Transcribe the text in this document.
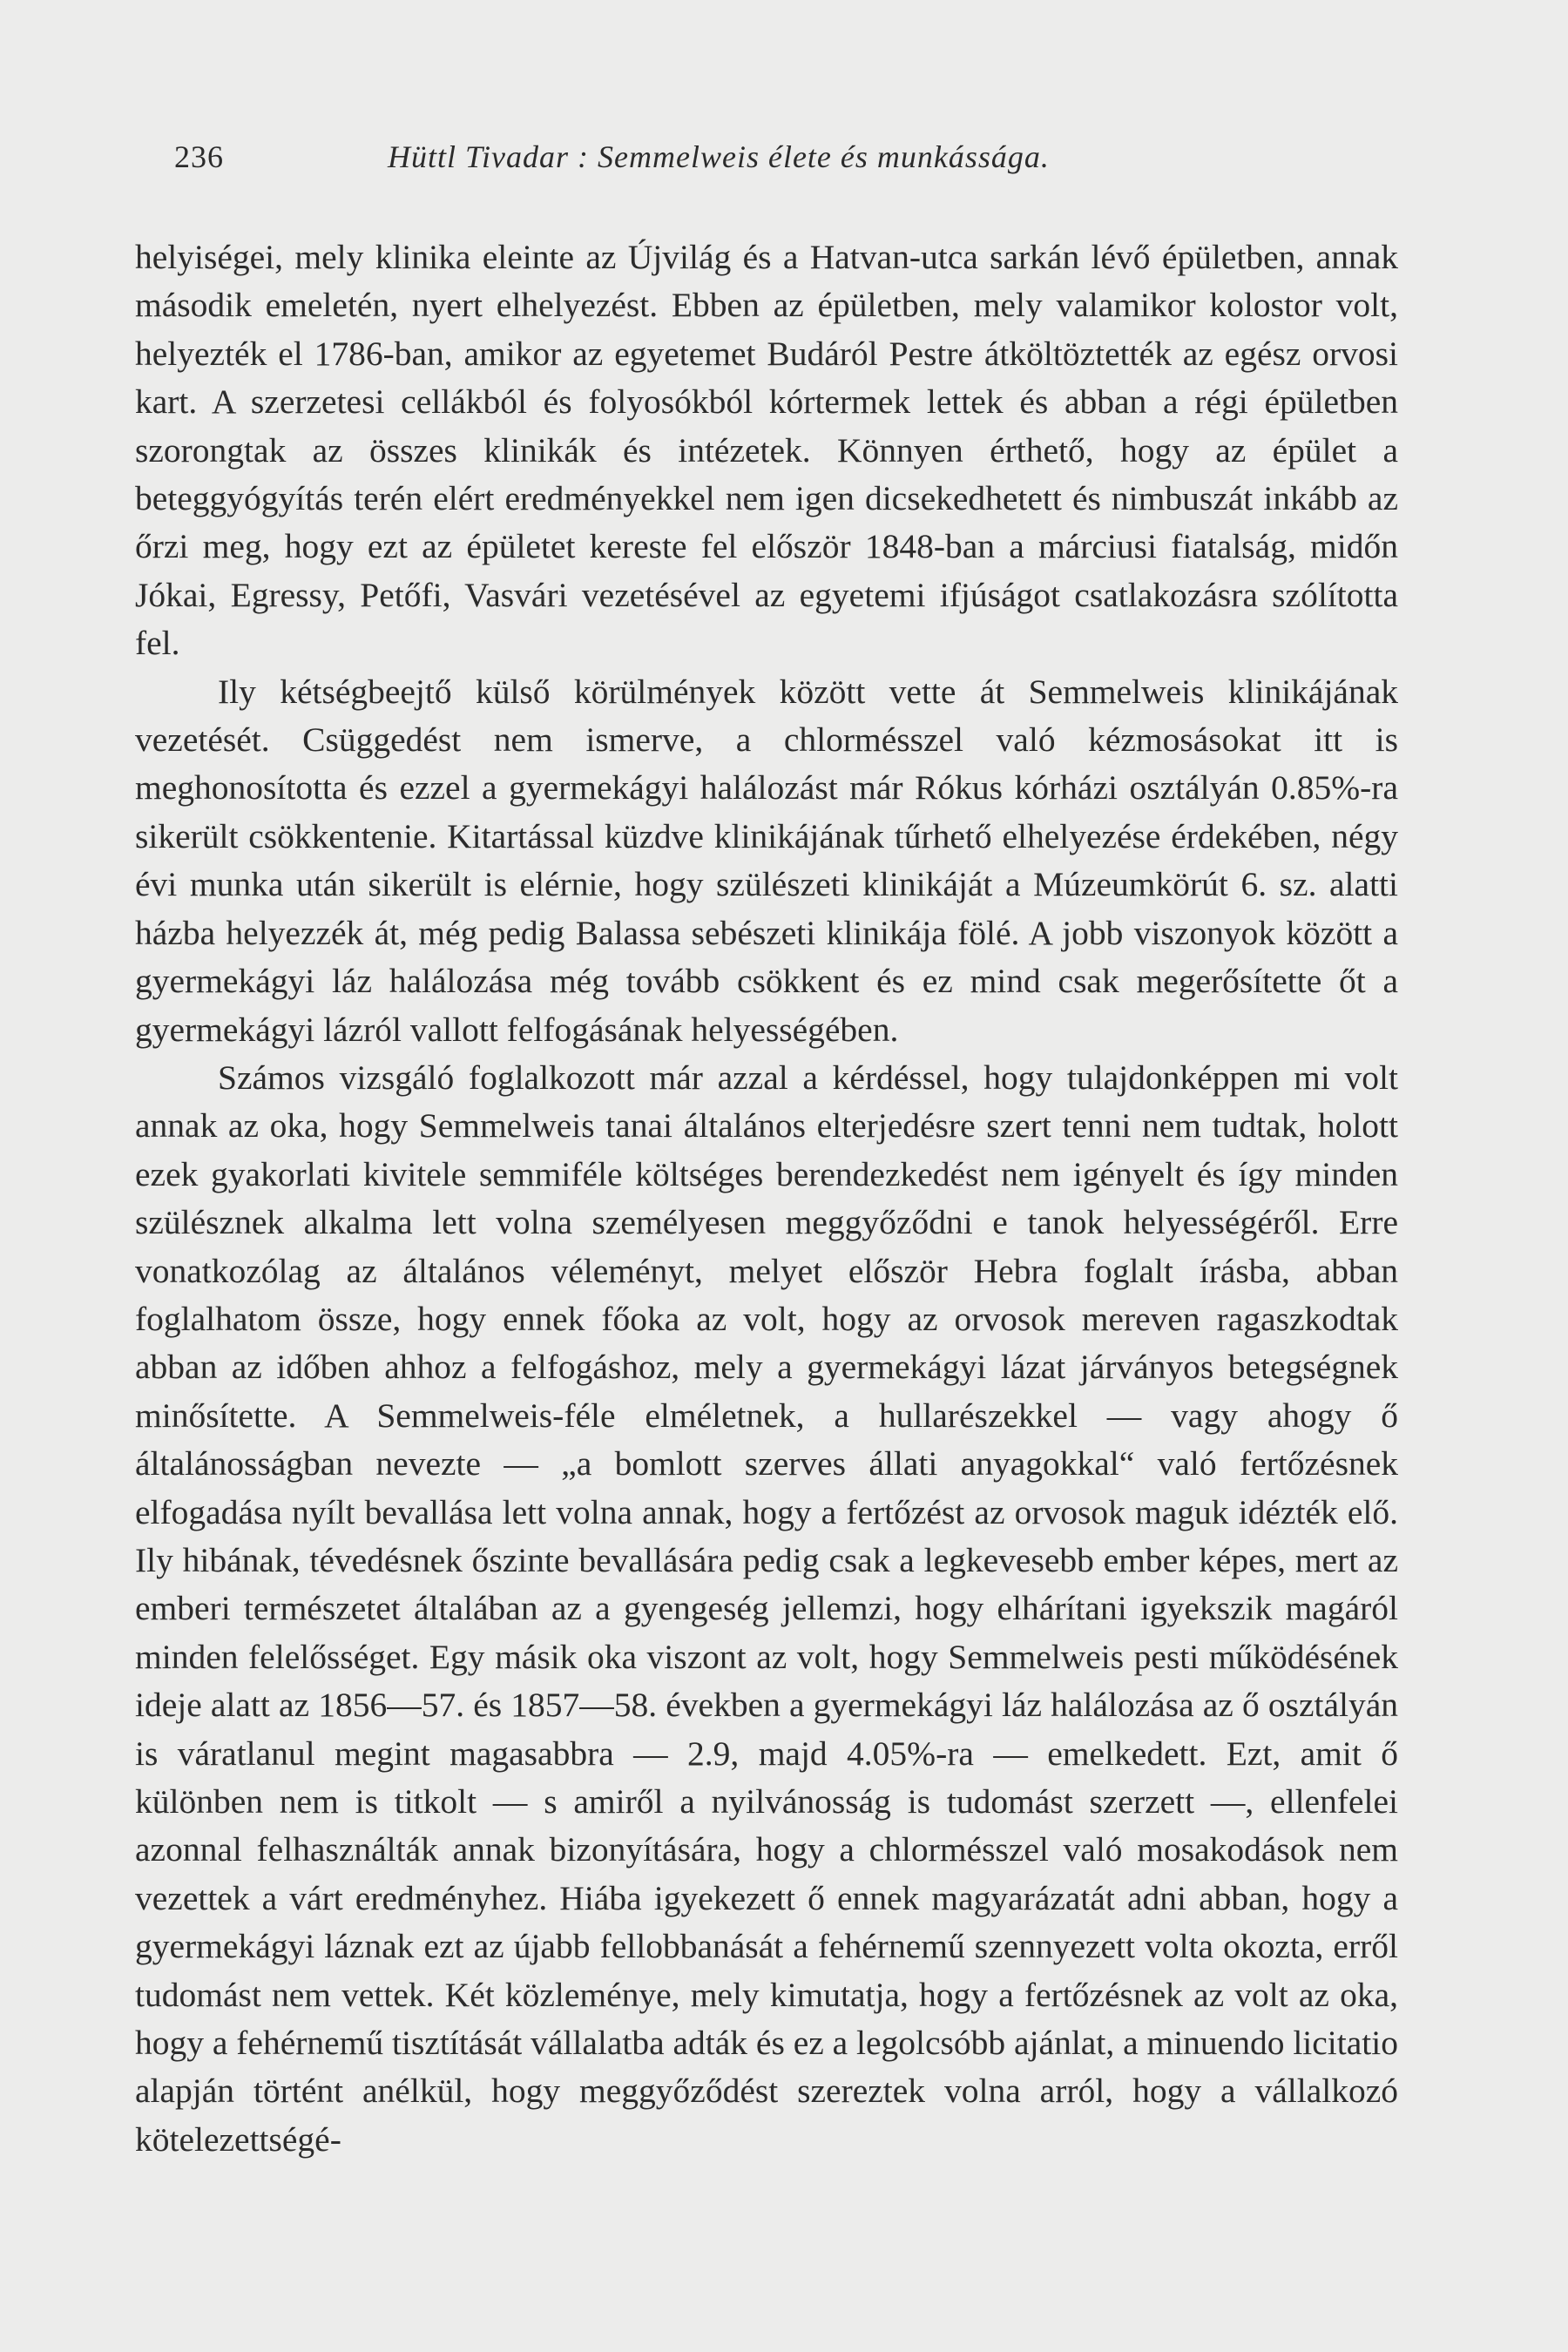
236	Hüttl Tivadar : Semmelweis élete és munkássága.

helyiségei, mely klinika eleinte az Újvilág és a Hatvan-utca sarkán lévő épületben, annak második emeletén, nyert elhelyezést. Ebben az épületben, mely valamikor kolostor volt, helyezték el 1786-ban, amikor az egyetemet Budáról Pestre átköltöztették az egész orvosi kart. A szerzetesi cellákból és folyosókból kórtermek lettek és abban a régi épületben szorongtak az összes klinikák és intézetek. Könnyen érthető, hogy az épület a beteggyógyítás terén elért eredményekkel nem igen dicsekedhetett és nimbuszát inkább az őrzi meg, hogy ezt az épületet kereste fel először 1848-ban a márciusi fiatalság, midőn Jókai, Egressy, Petőfi, Vasvári vezetésével az egyetemi ifjúságot csatlakozásra szólította fel.

Ily kétségbeejtő külső körülmények között vette át Semmelweis klinikájának vezetését. Csüggedést nem ismerve, a chlormésszel való kézmosásokat itt is meghonosította és ezzel a gyermekágyi halálozást már Rókus kórházi osztályán 0.85%-ra sikerült csökkentenie. Kitartással küzdve klinikájának tűrhető elhelyezése érdekében, négy évi munka után sikerült is elérnie, hogy szülészeti klinikáját a Múzeumkörút 6. sz. alatti házba helyezzék át, még pedig Balassa sebészeti klinikája fölé. A jobb viszonyok között a gyermekágyi láz halálozása még tovább csökkent és ez mind csak megerősítette őt a gyermekágyi lázról vallott felfogásának helyességében.

Számos vizsgáló foglalkozott már azzal a kérdéssel, hogy tulajdonképpen mi volt annak az oka, hogy Semmelweis tanai általános elterjedésre szert tenni nem tudtak, holott ezek gyakorlati kivitele semmiféle költséges berendezkedést nem igényelt és így minden szülésznek alkalma lett volna személyesen meggyőződni e tanok helyességéről. Erre vonatkozólag az általános véleményt, melyet először Hebra foglalt írásba, abban foglalhatom össze, hogy ennek főoka az volt, hogy az orvosok mereven ragaszkodtak abban az időben ahhoz a felfogáshoz, mely a gyermekágyi lázat járványos betegségnek minősítette. A Semmelweis-féle elméletnek, a hullarészekkel — vagy ahogy ő általánosságban nevezte — „a bomlott szerves állati anyagokkal“ való fertőzésnek elfogadása nyílt bevallása lett volna annak, hogy a fertőzést az orvosok maguk idézték elő. Ily hibának, tévedésnek őszinte bevallására pedig csak a legkevesebb ember képes, mert az emberi természetet általában az a gyengeség jellemzi, hogy elhárítani igyekszik magáról minden felelősséget. Egy másik oka viszont az volt, hogy Semmelweis pesti működésének ideje alatt az 1856—57. és 1857—58. években a gyermekágyi láz halálozása az ő osztályán is váratlanul megint magasabbra — 2.9, majd 4.05%-ra — emelkedett. Ezt, amit ő különben nem is titkolt — s amiről a nyilvánosság is tudomást szerzett —, ellenfelei azonnal felhasználták annak bizonyítására, hogy a chlormésszel való mosakodások nem vezettek a várt eredményhez. Hiába igyekezett ő ennek magyarázatát adni abban, hogy a gyermekágyi láznak ezt az újabb fellobbanását a fehérnemű szennyezett volta okozta, erről tudomást nem vettek. Két közleménye, mely kimutatja, hogy a fertőzésnek az volt az oka, hogy a fehérnemű tisztítását vállalatba adták és ez a legolcsóbb ajánlat, a minuendo licitatio alapján történt anélkül, hogy meggyőződést szereztek volna arról, hogy a vállalkozó kötelezettségé-
